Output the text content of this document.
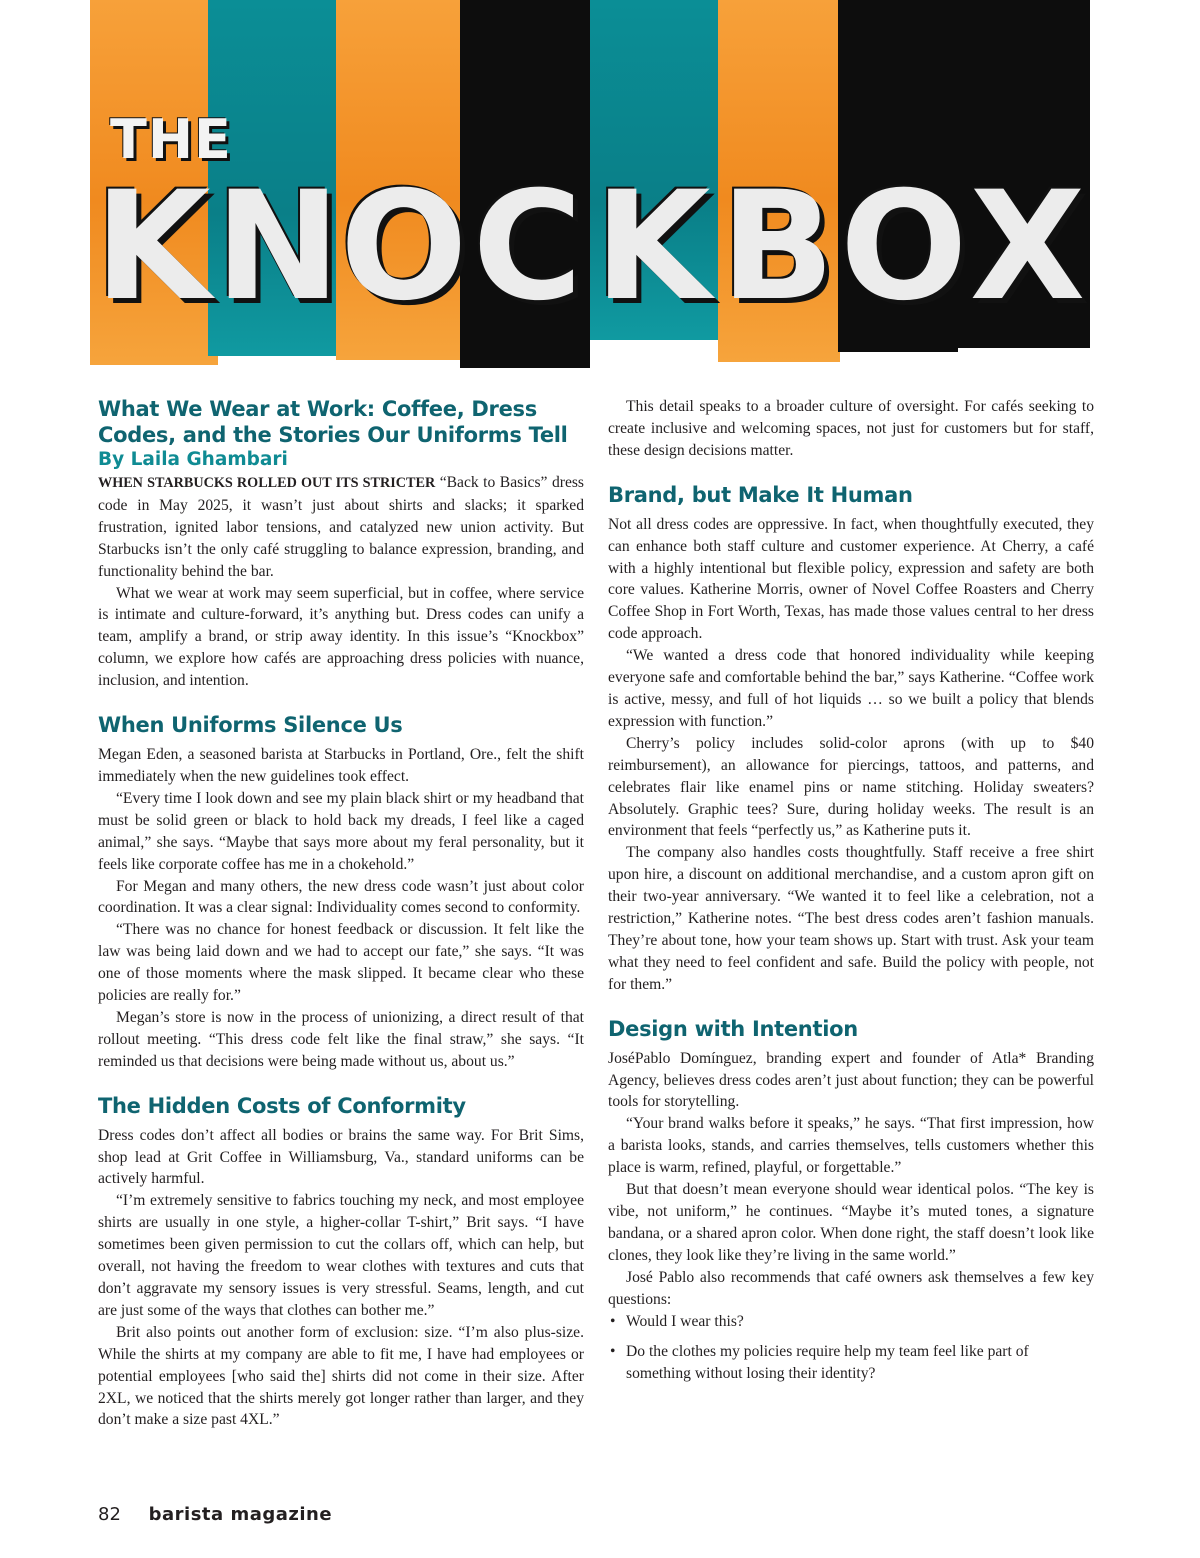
THE
K N O C K B O X
What We Wear at Work: Coffee, Dress Codes, and the Stories Our Uniforms Tell

By Laila Ghambari

WHEN STARBUCKS ROLLED OUT ITS STRICTER “Back to Basics” dress code in May 2025, it wasn’t just about shirts and slacks; it sparked frustration, ignited labor tensions, and catalyzed new union activity. But Starbucks isn’t the only café struggling to balance expression, branding, and functionality behind the bar.

What we wear at work may seem superficial, but in coffee, where service is intimate and culture-forward, it’s anything but. Dress codes can unify a team, amplify a brand, or strip away identity. In this issue’s “Knockbox” column, we explore how cafés are approaching dress policies with nuance, inclusion, and intention.

When Uniforms Silence Us

Megan Eden, a seasoned barista at Starbucks in Portland, Ore., felt the shift immediately when the new guidelines took effect.

“Every time I look down and see my plain black shirt or my headband that must be solid green or black to hold back my dreads, I feel like a caged animal,” she says. “Maybe that says more about my feral personality, but it feels like corporate coffee has me in a chokehold.”

For Megan and many others, the new dress code wasn’t just about color coordination. It was a clear signal: Individuality comes second to conformity.

“There was no chance for honest feedback or discussion. It felt like the law was being laid down and we had to accept our fate,” she says. “It was one of those moments where the mask slipped. It became clear who these policies are really for.”

Megan’s store is now in the process of unionizing, a direct result of that rollout meeting. “This dress code felt like the final straw,” she says. “It reminded us that decisions were being made without us, about us.”

The Hidden Costs of Conformity

Dress codes don’t affect all bodies or brains the same way. For Brit Sims, shop lead at Grit Coffee in Williamsburg, Va., standard uniforms can be actively harmful.

“I’m extremely sensitive to fabrics touching my neck, and most employee shirts are usually in one style, a higher-collar T-shirt,” Brit says. “I have sometimes been given permission to cut the collars off, which can help, but overall, not having the freedom to wear clothes with textures and cuts that don’t aggravate my sensory issues is very stressful. Seams, length, and cut are just some of the ways that clothes can bother me.”

Brit also points out another form of exclusion: size. “I’m also plus-size. While the shirts at my company are able to fit me, I have had employees or potential employees [who said the] shirts did not come in their size. After 2XL, we noticed that the shirts merely got longer rather than larger, and they don’t make a size past 4XL.”

This detail speaks to a broader culture of oversight. For cafés seeking to create inclusive and welcoming spaces, not just for customers but for staff, these design decisions matter.

Brand, but Make It Human

Not all dress codes are oppressive. In fact, when thoughtfully executed, they can enhance both staff culture and customer experience. At Cherry, a café with a highly intentional but flexible policy, expression and safety are both core values. Katherine Morris, owner of Novel Coffee Roasters and Cherry Coffee Shop in Fort Worth, Texas, has made those values central to her dress code approach.

“We wanted a dress code that honored individuality while keeping everyone safe and comfortable behind the bar,” says Katherine. “Coffee work is active, messy, and full of hot liquids … so we built a policy that blends expression with function.”

Cherry’s policy includes solid-color aprons (with up to $40 reimbursement), an allowance for piercings, tattoos, and patterns, and celebrates flair like enamel pins or name stitching. Holiday sweaters? Absolutely. Graphic tees? Sure, during holiday weeks. The result is an environment that feels “perfectly us,” as Katherine puts it.

The company also handles costs thoughtfully. Staff receive a free shirt upon hire, a discount on additional merchandise, and a custom apron gift on their two-year anniversary. “We wanted it to feel like a celebration, not a restriction,” Katherine notes. “The best dress codes aren’t fashion manuals. They’re about tone, how your team shows up. Start with trust. Ask your team what they need to feel confident and safe. Build the policy with people, not for them.”

Design with Intention

JoséPablo Domínguez, branding expert and founder of Atla* Branding Agency, believes dress codes aren’t just about function; they can be powerful tools for storytelling.

“Your brand walks before it speaks,” he says. “That first impression, how a barista looks, stands, and carries themselves, tells customers whether this place is warm, refined, playful, or forgettable.”

But that doesn’t mean everyone should wear identical polos. “The key is vibe, not uniform,” he continues. “Maybe it’s muted tones, a signature bandana, or a shared apron color. When done right, the staff doesn’t look like clones, they look like they’re living in the same world.”

José Pablo also recommends that café owners ask themselves a few key questions:

• Would I wear this?
• Do the clothes my policies require help my team feel like part of something without losing their identity?
82 barista magazine
